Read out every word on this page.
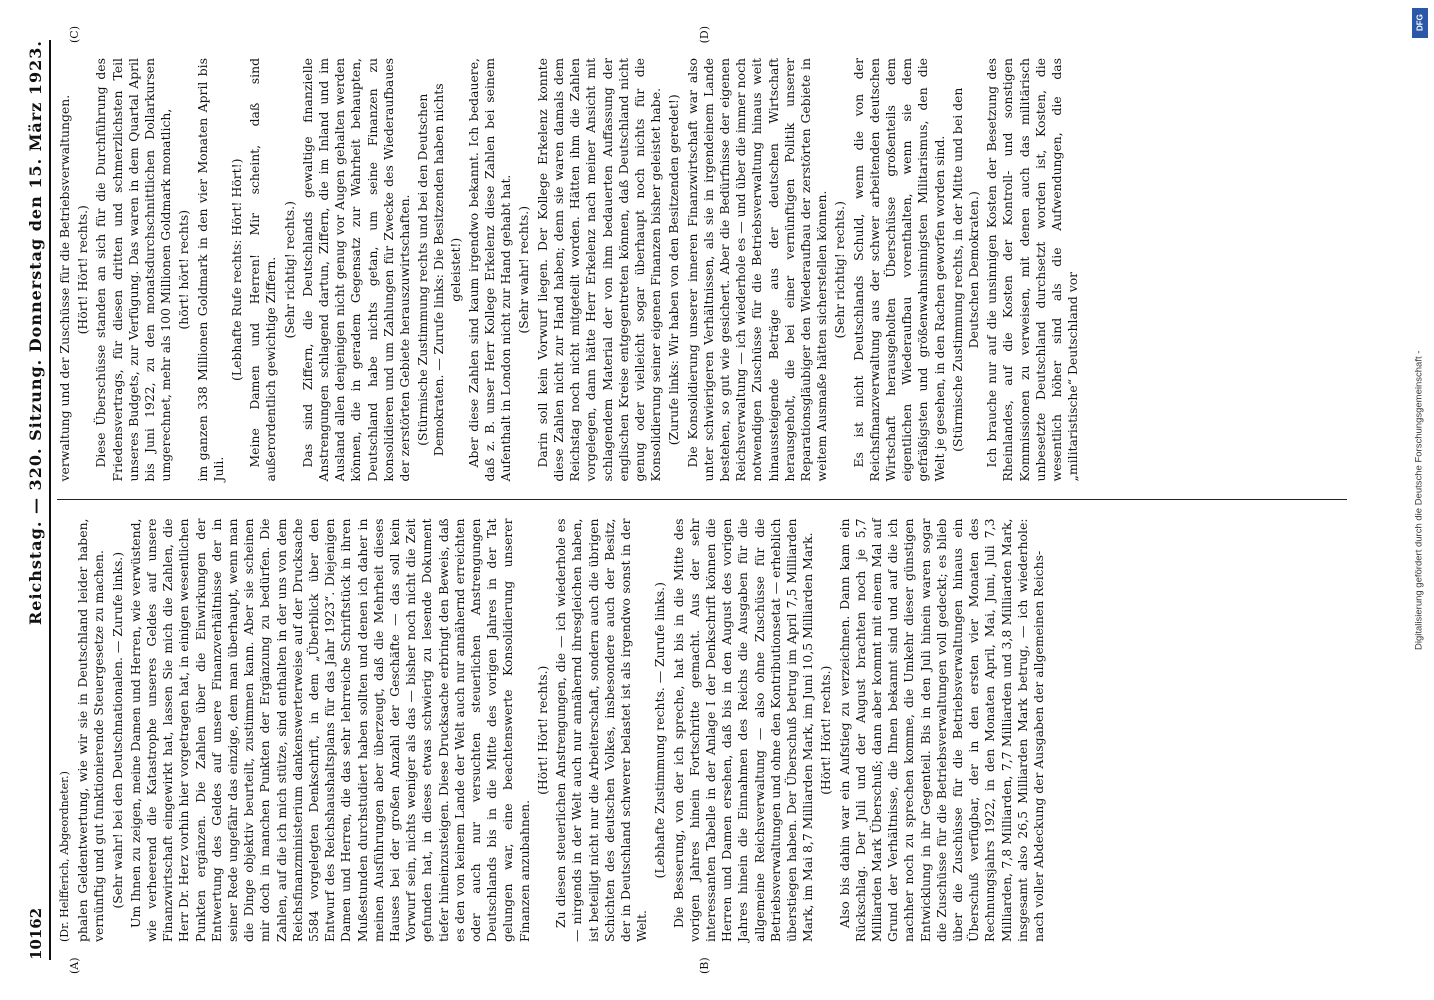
Digitalisierung gefördert durch die Deutsche Forschungsgemeinschaft -
DFG
10162
Reichstag. — 320. Sitzung. Donnerstag den 15. März 1923.
(A)	(B)

(Dr. Helfferich, Abgeordneter.) phalen Geldentwertung, wie wir sie in Deutschland leider haben, vernünftig und gut funktionierende Steuergesetze zu machen. (Sehr wahr! bei den Deutschnationalen. — Zurufe links.) Um Ihnen zu zeigen, meine Damen und Herren, wie verwüstend, wie verheerend die Katastrophe unseres Geldes auf unsere Finanzwirtschaft eingewirkt hat, lassen Sie mich die Zahlen, die Herr Dr. Herz vorhin hier vorgetragen hat, in einigen wesentlichen Punkten ergänzen. Die Zahlen über die Einwirkungen der Entwertung des Geldes auf unsere Finanzverhältnisse der in seiner Rede ungefähr das einzige, dem man überhaupt, wenn man die Dinge objektiv beurteilt, zustimmen kann. Aber sie scheinen mir doch in manchen Punkten der Ergänzung zu bedürfen. Die Zahlen, auf die ich mich stütze, sind enthalten in der uns von dem Reichsfinanzministerium dankenswerterweise auf der Drucksache 5584 vorgelegten Denkschrift, in dem „Überblick über den Entwurf des Reichshaushaltsplans für das Jahr 1923“. Diejenigen Damen und Herren, die das sehr lehrreiche Schriftstück in ihren Mußestunden durchstudiert haben sollten und denen ich daher in meinen Ausführungen aber überzeugt, daß die Mehrheit dieses Hauses bei der großen Anzahl der Geschäfte — das soll kein Vorwurf sein, nichts weniger als das — bisher noch nicht die Zeit gefunden hat, in dieses etwas schwierig zu lesende Dokument tiefer hineinzusteigen. Diese Drucksache erbringt den Beweis, daß es den von keinem Lande der Welt auch nur annähernd erreichten oder auch nur versuchten steuerlichen Anstrengungen Deutschlands bis in die Mitte des vorigen Jahres in der Tat gelungen war, eine beachtenswerte Konsolidierung unserer Finanzen anzubahnen.

(Hört! Hört! rechts.) Zu diesen steuerlichen Anstrengungen, die — ich wiederhole es — nirgends in der Welt auch nur annähernd ihresgleichen haben, ist beteiligt nicht nur die Arbeiterschaft, sondern auch die übrigen Schichten des deutschen Volkes, insbesondere auch der Besitz, der in Deutschland schwerer belastet ist als irgendwo sonst in der Welt.

(Lebhafte Zustimmung rechts. — Zurufe links.) Die Besserung, von der ich spreche, hat bis in die Mitte des vorigen Jahres hinein Fortschritte gemacht. Aus der sehr interessanten Tabelle in der Anlage I der Denkschrift können die Herren und Damen ersehen, daß bis in den August des vorigen Jahres hinein die Einnahmen des Reichs die Ausgaben für die allgemeine Reichsverwaltung — also ohne Zuschüsse für die Betriebsverwaltungen und ohne den Kontributionsetat — erheblich überstiegen haben. Der Überschuß betrug im April 7,5 Milliarden Mark, im Mai 8,7 Milliarden Mark, im Juni 10,5 Milliarden Mark. (Hört! Hört! rechts.) Also bis dahin war ein Aufstieg zu verzeichnen. Dann kam ein Rückschlag. Der Juli und der August brachten noch je 5,7 Milliarden Mark Überschuß; dann aber kommt mit einem Mal auf Grund der Verhältnisse, die Ihnen bekannt sind und auf die ich nachher noch zu sprechen komme, die Umkehr dieser günstigen Entwicklung in ihr Gegenteil. Bis in den Juli hinein waren sogar die Zuschüsse für die Betriebsverwaltungen voll gedeckt; es blieb über die Zuschüsse für die Betriebsverwaltungen hinaus ein Überschuß verfügbar, der in den ersten vier Monaten des Rechnungsjahrs 1922, in den Monaten April, Mai, Juni, Juli 7,3 Milliarden, 7,8 Milliarden, 7,7 Milliarden und 3,8 Milliarden Mark, insgesamt also 26,5 Milliarden Mark betrug, — ich wiederhole: nach voller Abdeckung der Ausgaben der allgemeinen Reichs-

(C)	(D)

verwaltung und der Zuschüsse für die Betriebsverwaltungen. (Hört! Hört! rechts.) Diese Überschüsse standen an sich für die Durchführung des Friedensvertrags, für diesen dritten und schmerzlichsten Teil unseres Budgets, zur Verfügung. Das waren in dem Quartal April bis Juni 1922, zu den monatsdurchschnittlichen Dollarkursen umgerechnet, mehr als 100 Millionen Goldmark monatlich, (hört! hört! rechts) im ganzen 338 Millionen Goldmark in den vier Monaten April bis Juli.

(Lebhafte Rufe rechts: Hört! Hört!) Meine Damen und Herren! Mir scheint, daß sind außerordentlich gewichtige Ziffern. (Sehr richtig! rechts.) Das sind Ziffern, die Deutschlands gewaltige finanzielle Anstrengungen schlagend dartun, Ziffern, die im Inland und im Ausland allen denjenigen nicht genug vor Augen gehalten werden können, die in geradem Gegensatz zur Wahrheit behaupten, Deutschland habe nichts getan, um seine Finanzen zu konsolidieren und um Zahlungen für Zwecke des Wiederaufbaues der zerstörten Gebiete herauszuwirtschaften. (Stürmische Zustimmung rechts und bei den Deutschen Demokraten. — Zurufe links: Die Besitzenden haben nichts geleistet!) Aber diese Zahlen sind kaum irgendwo bekannt. Ich bedauere, daß z. B. unser Herr Kollege Erkelenz diese Zahlen bei seinem Aufenthalt in London nicht zur Hand gehabt hat. (Sehr wahr! rechts.) Darin soll kein Vorwurf liegen. Der Kollege Erkelenz konnte diese Zahlen nicht zur Hand haben; denn sie waren damals dem Reichstag noch nicht mitgeteilt worden. Hätten ihm die Zahlen vorgelegen, dann hätte Herr Erkelenz nach meiner Ansicht mit schlagendem Material der von ihm bedauerten Auffassung der englischen Kreise entgegentreten können, daß Deutschland nicht genug oder vielleicht sogar überhaupt noch nichts für die Konsolidierung seiner eigenen Finanzen bisher geleistet habe. (Zurufe links: Wir haben von den Besitzenden geredet!) Die Konsolidierung unserer inneren Finanzwirtschaft war also unter schwierigeren Verhältnissen, als sie in irgendeinem Lande bestehen, so gut wie gesichert. Aber die Bedürfnisse der eigenen Reichsverwaltung — ich wiederhole es — und über die immer noch notwendigen Zuschüsse für die Betriebsverwaltung hinaus weit hinaussteigende Beträge aus der deutschen Wirtschaft herausgeholt, die bei einer vernünftigen Politik unserer Reparationsgläubiger den Wiederaufbau der zerstörten Gebiete in weitem Ausmaße hätten sicherstellen können. (Sehr richtig! rechts.) Es ist nicht Deutschlands Schuld, wenn die von der Reichsfinanzverwaltung aus der schwer arbeitenden deutschen Wirtschaft herausgeholten Überschüsse großenteils dem eigentlichen Wiederaufbau vorenthalten, wenn sie dem gefräßigsten und größenwahnsinnigsten Militarismus, den die Welt je gesehen, in den Rachen geworfen worden sind. (Stürmische Zustimmung rechts, in der Mitte und bei den Deutschen Demokraten.) Ich brauche nur auf die unsinnigen Kosten der Besetzung des Rheinlandes, auf die Kosten der Kontroll- und sonstigen Kommissionen zu verweisen, mit denen auch das militärisch unbesetzte Deutschland durchsetzt worden ist, Kosten, die wesentlich höher sind als die Aufwendungen, die das „militaristische“ Deutschland vor
